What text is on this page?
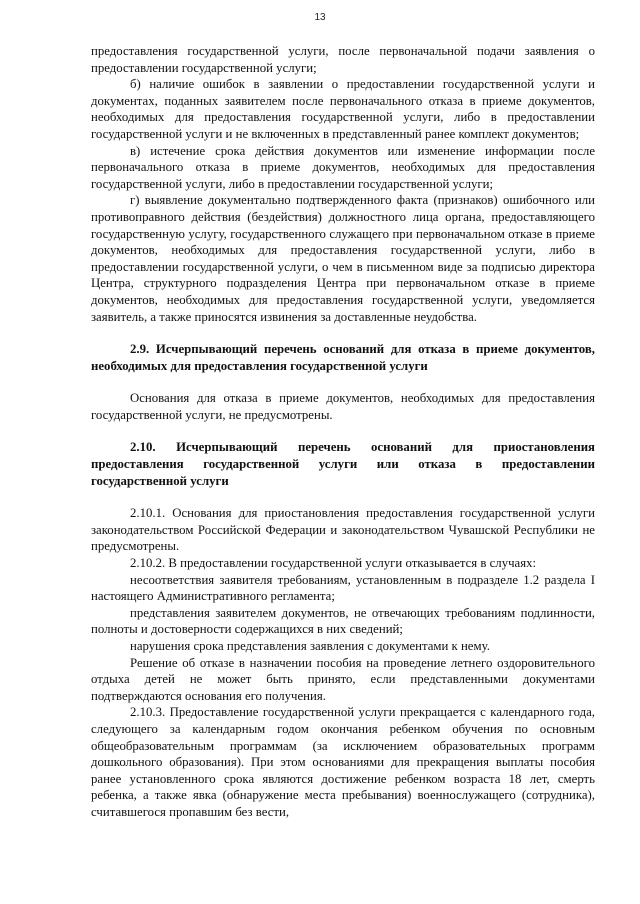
13

предоставления государственной услуги, после первоначальной подачи заявления о предоставлении государственной услуги;

б) наличие ошибок в заявлении о предоставлении государственной услуги и документах, поданных заявителем после первоначального отказа в приеме документов, необходимых для предоставления государственной услуги, либо в предоставлении государственной услуги и не включенных в представленный ранее комплект документов;

в) истечение срока действия документов или изменение информации после первоначального отказа в приеме документов, необходимых для предоставления государственной услуги, либо в предоставлении государственной услуги;

г) выявление документально подтвержденного факта (признаков) ошибочного или противоправного действия (бездействия) должностного лица органа, предоставляющего государственную услугу, государственного служащего при первоначальном отказе в приеме документов, необходимых для предоставления государственной услуги, либо в предоставлении государственной услуги, о чем в письменном виде за подписью директора Центра, структурного подразделения Центра при первоначальном отказе в приеме документов, необходимых для предоставления государственной услуги, уведомляется заявитель, а также приносятся извинения за доставленные неудобства.

2.9. Исчерпывающий перечень оснований для отказа в приеме документов, необходимых для предоставления государственной услуги

Основания для отказа в приеме документов, необходимых для предоставления государственной услуги, не предусмотрены.

2.10. Исчерпывающий перечень оснований для приостановления предоставления государственной услуги или отказа в предоставлении государственной услуги

2.10.1. Основания для приостановления предоставления государственной услуги законодательством Российской Федерации и законодательством Чувашской Республики не предусмотрены.

2.10.2. В предоставлении государственной услуги отказывается в случаях:

несоответствия заявителя требованиям, установленным в подразделе 1.2 раздела I настоящего Административного регламента;

представления заявителем документов, не отвечающих требованиям подлинности, полноты и достоверности содержащихся в них сведений;

нарушения срока представления заявления с документами к нему.

Решение об отказе в назначении пособия на проведение летнего оздоровительного отдыха детей не может быть принято, если представленными документами подтверждаются основания его получения.

2.10.3. Предоставление государственной услуги прекращается с календарного года, следующего за календарным годом окончания ребенком обучения по основным общеобразовательным программам (за исключением образовательных программ дошкольного образования). При этом основаниями для прекращения выплаты пособия ранее установленного срока являются достижение ребенком возраста 18 лет, смерть ребенка, а также явка (обнаружение места пребывания) военнослужащего (сотрудника), считавшегося пропавшим без вести,
